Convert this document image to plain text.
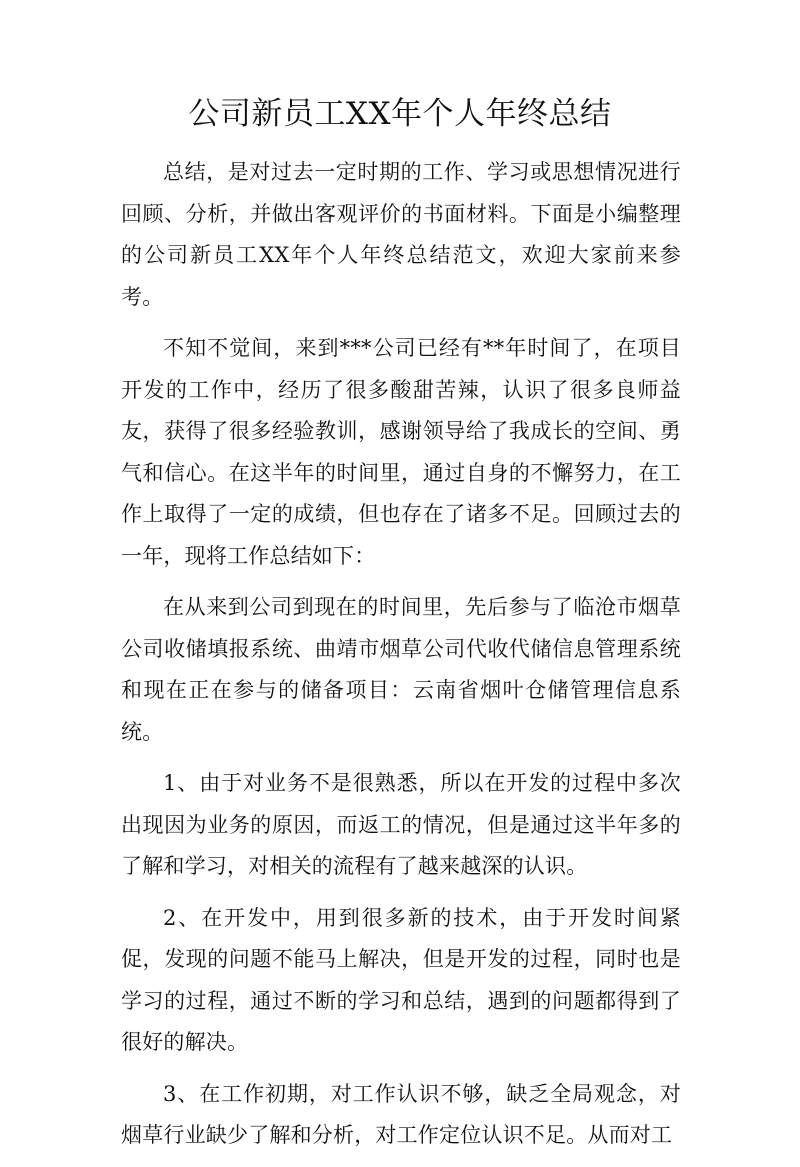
公司新员工XX年个人年终总结

总结，是对过去一定时期的工作、学习或思想情况进行回顾、分析，并做出客观评价的书面材料。下面是小编整理的公司新员工XX年个人年终总结范文，欢迎大家前来参考。

不知不觉间，来到***公司已经有**年时间了，在项目开发的工作中，经历了很多酸甜苦辣，认识了很多良师益友，获得了很多经验教训，感谢领导给了我成长的空间、勇气和信心。在这半年的时间里，通过自身的不懈努力，在工作上取得了一定的成绩，但也存在了诸多不足。回顾过去的一年，现将工作总结如下：

在从来到公司到现在的时间里，先后参与了临沧市烟草公司收储填报系统、曲靖市烟草公司代收代储信息管理系统和现在正在参与的储备项目：云南省烟叶仓储管理信息系统。

1、由于对业务不是很熟悉，所以在开发的过程中多次出现因为业务的原因，而返工的情况，但是通过这半年多的了解和学习，对相关的流程有了越来越深的认识。

2、在开发中，用到很多新的技术，由于开发时间紧促，发现的问题不能马上解决，但是开发的过程，同时也是学习的过程，通过不断的学习和总结，遇到的问题都得到了很好的解决。

3、在工作初期，对工作认识不够，缺乏全局观念，对烟草行业缺少了解和分析，对工作定位认识不足。从而对工
